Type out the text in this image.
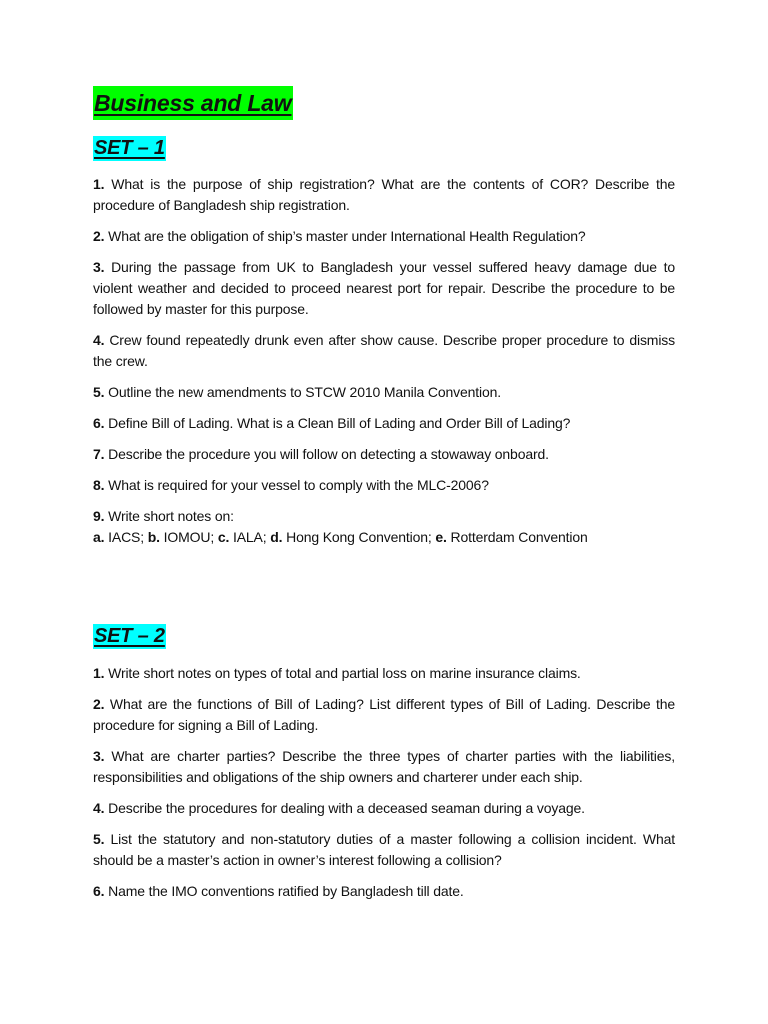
Business and Law
SET – 1

1. What is the purpose of ship registration? What are the contents of COR? Describe the procedure of Bangladesh ship registration.

2. What are the obligation of ship’s master under International Health Regulation?

3. During the passage from UK to Bangladesh your vessel suffered heavy damage due to violent weather and decided to proceed nearest port for repair. Describe the procedure to be followed by master for this purpose.

4. Crew found repeatedly drunk even after show cause. Describe proper procedure to dismiss the crew.

5. Outline the new amendments to STCW 2010 Manila Convention.

6. Define Bill of Lading. What is a Clean Bill of Lading and Order Bill of Lading?

7. Describe the procedure you will follow on detecting a stowaway onboard.

8. What is required for your vessel to comply with the MLC-2006?

9. Write short notes on:
a. IACS; b. IOMOU; c. IALA; d. Hong Kong Convention; e. Rotterdam Convention

SET – 2

1. Write short notes on types of total and partial loss on marine insurance claims.

2. What are the functions of Bill of Lading? List different types of Bill of Lading. Describe the procedure for signing a Bill of Lading.

3. What are charter parties? Describe the three types of charter parties with the liabilities, responsibilities and obligations of the ship owners and charterer under each ship.

4. Describe the procedures for dealing with a deceased seaman during a voyage.

5. List the statutory and non-statutory duties of a master following a collision incident. What should be a master’s action in owner’s interest following a collision?

6. Name the IMO conventions ratified by Bangladesh till date.
